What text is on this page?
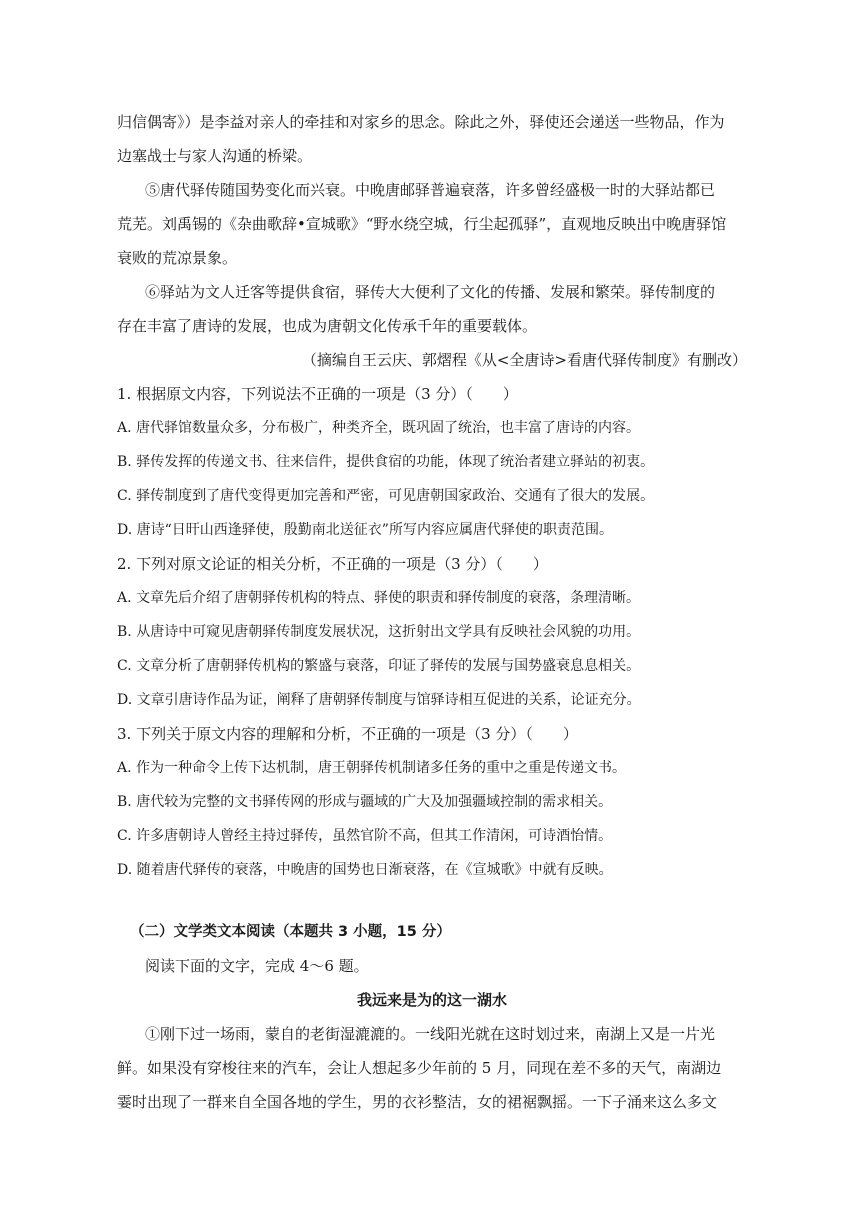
归信偶寄》）是李益对亲人的牵挂和对家乡的思念。除此之外，驿使还会递送一些物品，作为
边塞战士与家人沟通的桥梁。
⑤唐代驿传随国势变化而兴衰。中晚唐邮驿普遍衰落，许多曾经盛极一时的大驿站都已
荒芜。刘禹锡的《杂曲歌辞•宣城歌》“野水绕空城，行尘起孤驿”，直观地反映出中晚唐驿馆
衰败的荒凉景象。
⑥驿站为文人迁客等提供食宿，驿传大大便利了文化的传播、发展和繁荣。驿传制度的
存在丰富了唐诗的发展，也成为唐朝文化传承千年的重要载体。
（摘编自王云庆、郭熠程《从<全唐诗>看唐代驿传制度》有删改）
1. 根据原文内容，下列说法不正确的一项是（3 分）（　　）
A. 唐代驿馆数量众多，分布极广，种类齐全，既巩固了统治，也丰富了唐诗的内容。
B. 驿传发挥的传递文书、往来信件，提供食宿的功能，体现了统治者建立驿站的初衷。
C. 驿传制度到了唐代变得更加完善和严密，可见唐朝国家政治、交通有了很大的发展。
D. 唐诗“日旰山西逢驿使，殷勤南北送征衣”所写内容应属唐代驿使的职责范围。
2. 下列对原文论证的相关分析，不正确的一项是（3 分）（　　）
A. 文章先后介绍了唐朝驿传机构的特点、驿使的职责和驿传制度的衰落，条理清晰。
B. 从唐诗中可窥见唐朝驿传制度发展状况，这折射出文学具有反映社会风貌的功用。
C. 文章分析了唐朝驿传机构的繁盛与衰落，印证了驿传的发展与国势盛衰息息相关。
D. 文章引唐诗作品为证，阐释了唐朝驿传制度与馆驿诗相互促进的关系，论证充分。
3. 下列关于原文内容的理解和分析，不正确的一项是（3 分）（　　）
A. 作为一种命令上传下达机制，唐王朝驿传机制诸多任务的重中之重是传递文书。
B. 唐代较为完整的文书驿传网的形成与疆域的广大及加强疆域控制的需求相关。
C. 许多唐朝诗人曾经主持过驿传，虽然官阶不高，但其工作清闲，可诗酒怡情。
D. 随着唐代驿传的衰落，中晚唐的国势也日渐衰落，在《宣城歌》中就有反映。
（二）文学类文本阅读（本题共 3 小题，15 分）
阅读下面的文字，完成 4～6 题。
我远来是为的这一湖水
①刚下过一场雨，蒙自的老街湿漉漉的。一线阳光就在这时划过来，南湖上又是一片光
鲜。如果没有穿梭往来的汽车，会让人想起多少年前的 5 月，同现在差不多的天气，南湖边
霎时出现了一群来自全国各地的学生，男的衣衫整洁，女的裙裾飘摇。一下子涌来这么多文
